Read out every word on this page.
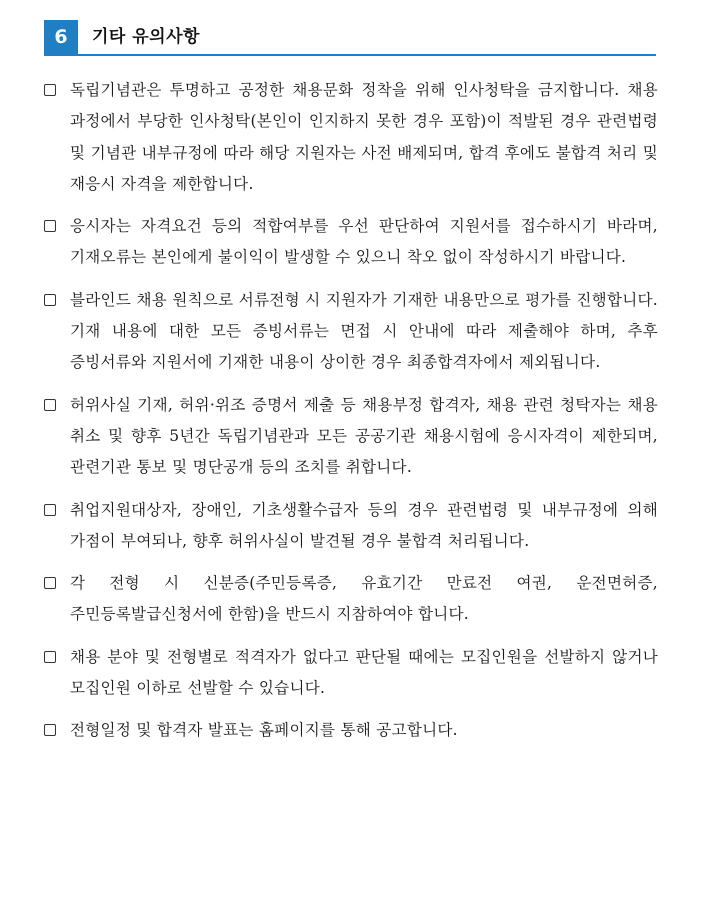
6	기타 유의사항
독립기념관은 투명하고 공정한 채용문화 정착을 위해 인사청탁을 금지합니다. 채용 과정에서 부당한 인사청탁(본인이 인지하지 못한 경우 포함)이 적발된 경우 관련법령 및 기념관 내부규정에 따라 해당 지원자는 사전 배제되며, 합격 후에도 불합격 처리 및 재응시 자격을 제한합니다.
응시자는 자격요건 등의 적합여부를 우선 판단하여 지원서를 접수하시기 바라며, 기재오류는 본인에게 불이익이 발생할 수 있으니 착오 없이 작성하시기 바랍니다.
블라인드 채용 원칙으로 서류전형 시 지원자가 기재한 내용만으로 평가를 진행합니다. 기재 내용에 대한 모든 증빙서류는 면접 시 안내에 따라 제출해야 하며, 추후 증빙서류와 지원서에 기재한 내용이 상이한 경우 최종합격자에서 제외됩니다.
허위사실 기재, 허위·위조 증명서 제출 등 채용부정 합격자, 채용 관련 청탁자는 채용 취소 및 향후 5년간 독립기념관과 모든 공공기관 채용시험에 응시자격이 제한되며, 관련기관 통보 및 명단공개 등의 조치를 취합니다.
취업지원대상자, 장애인, 기초생활수급자 등의 경우 관련법령 및 내부규정에 의해 가점이 부여되나, 향후 허위사실이 발견될 경우 불합격 처리됩니다.
각 전형 시 신분증(주민등록증, 유효기간 만료전 여권, 운전면허증, 주민등록발급신청서에 한함)을 반드시 지참하여야 합니다.
채용 분야 및 전형별로 적격자가 없다고 판단될 때에는 모집인원을 선발하지 않거나 모집인원 이하로 선발할 수 있습니다.
전형일정 및 합격자 발표는 홈페이지를 통해 공고합니다.
